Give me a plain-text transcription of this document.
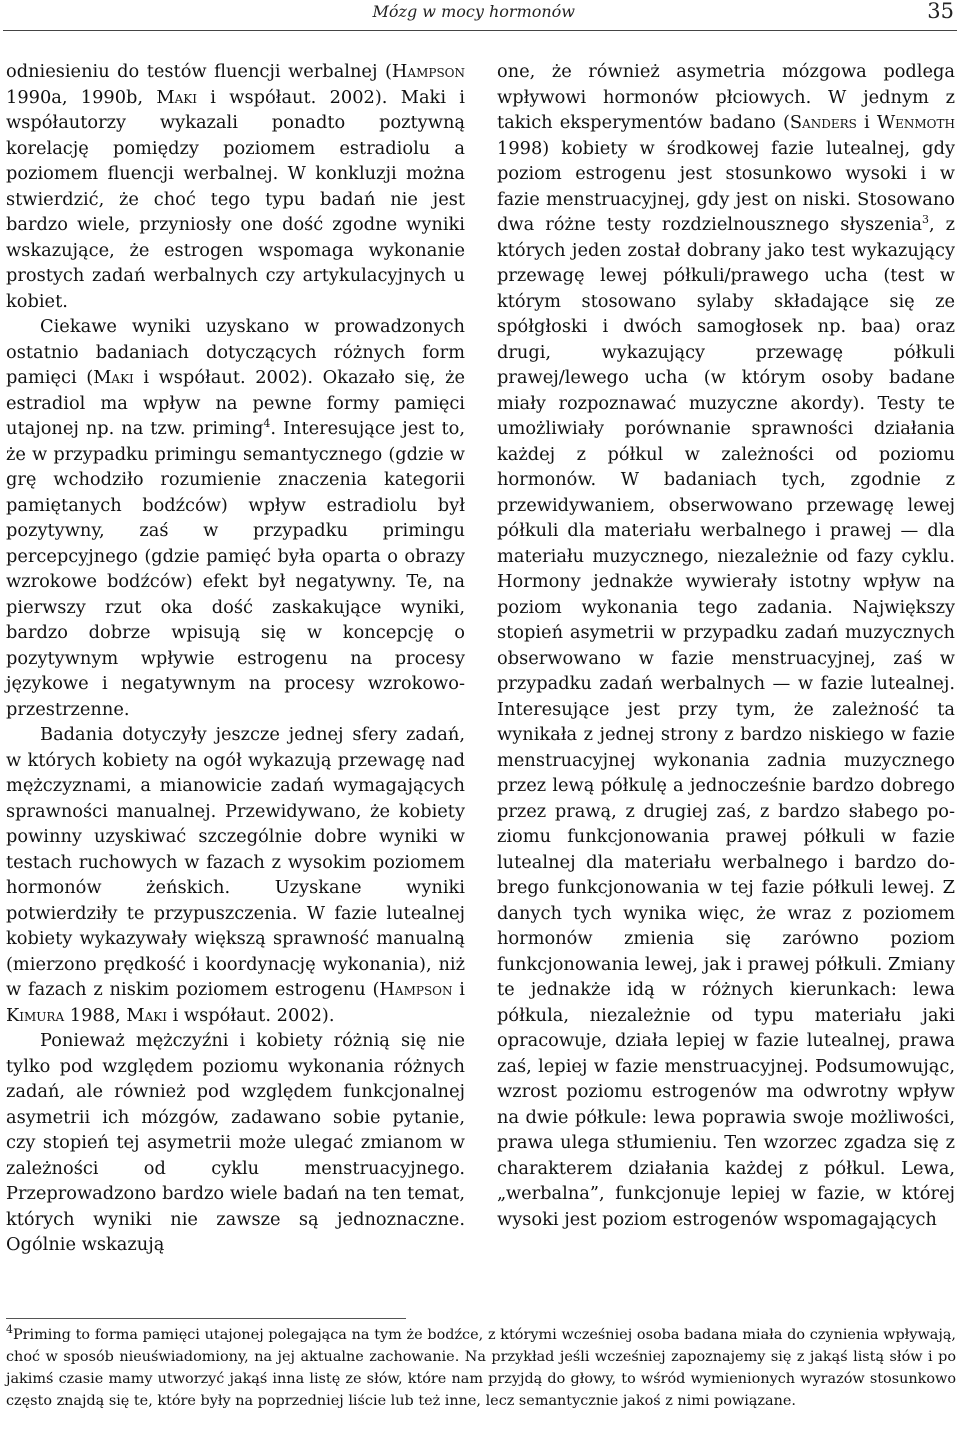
Mózg w mocy hormonów	35

odniesieniu do testów fluencji werbalnej (Hampson 1990a, 1990b, Maki i współaut. 2002). Maki i współautorzy wykazali ponadto poztywną korelację pomiędzy poziomem estradiolu a poziomem fluencji werbalnej. W konkluzji można stwierdzić, że choć tego typu badań nie jest bardzo wiele, przyniosły one dość zgodne wyniki wskazujące, że estrogen wspomaga wykonanie prostych zadań werbalnych czy artykulacyjnych u kobiet.

Ciekawe wyniki uzyskano w prowadzonych ostatnio badaniach dotyczących różnych form pamięci (Maki i współaut. 2002). Okazało się, że estradiol ma wpływ na pewne formy pamięci utajonej np. na tzw. priming$^4$. Interesujące jest to, że w przypadku primingu semantycznego (gdzie w grę wchodziło rozumienie znaczenia kategorii pamiętanych bodźców) wpływ estradiolu był pozytywny, zaś w przypadku primingu percepcyjnego (gdzie pamięć była oparta o obrazy wzrokowe bodźców) efekt był negatywny. Te, na pierwszy rzut oka dość zaskakujące wyniki, bardzo dobrze wpisują się w koncepcję o pozytywnym wpływie estrogenu na procesy językowe i negatywnym na procesy wzrokowo-przestrzenne.

Badania dotyczyły jeszcze jednej sfery zadań, w których kobiety na ogół wykazują przewagę nad mężczyznami, a mianowicie zadań wymagających sprawności manualnej. Przewidywano, że kobiety powinny uzyskiwać szczególnie dobre wyniki w testach ruchowych w fazach z wysokim poziomem hormonów żeńskich. Uzyskane wyniki potwierdziły te przypuszczenia. W fazie lutealnej kobiety wykazywały większą sprawność manualną (mierzono prędkość i koordynację wykonania), niż w fazach z niskim poziomem estrogenu (Hampson i Kimura 1988, Maki i współaut. 2002).

Ponieważ mężczyźni i kobiety różnią się nie tylko pod względem poziomu wykonania różnych zadań, ale również pod względem funkcjonalnej asymetrii ich mózgów, zadawano sobie pytanie, czy stopień tej asymetrii może ulegać zmianom w zależności od cyklu menstruacyjnego. Przeprowadzono bardzo wiele badań na ten temat, których wyniki nie zawsze są jednoznaczne. Ogólnie wskazują

one, że również asymetria mózgowa podlega wpływowi hormonów płciowych. W jednym z takich eksperymentów badano (Sanders i Wenmoth 1998) kobiety w środkowej fazie lutealnej, gdy poziom estrogenu jest stosunkowo wysoki i w fazie menstruacyjnej, gdy jest on niski. Stosowano dwa różne testy rozdzielnousznego słyszenia$^3$, z których jeden został dobrany jako test wykazujący przewagę lewej półkuli/prawego ucha (test w którym stosowano sylaby składające się ze spółgłoski i dwóch samogłosek np. baa) oraz drugi, wykazujący przewagę półkuli prawej/lewego ucha (w którym osoby badane miały rozpoznawać muzyczne akordy). Testy te umożliwiały porównanie sprawności działania każdej z półkul w zależności od poziomu hormonów. W badaniach tych, zgodnie z przewidywaniem, obserwowano przewagę lewej półkuli dla materiału werbalnego i prawej — dla materiału muzycznego, niezależnie od fazy cyklu. Hormony jednakże wywierały istotny wpływ na poziom wykonania tego zadania. Największy stopień asymetrii w przypadku zadań muzycznych obserwowano w fazie menstruacyjnej, zaś w przypadku zadań werbalnych — w fazie lutealnej. Interesujące jest przy tym, że zależność ta wynikała z jednej strony z bardzo niskiego w fazie menstruacyjnej wykonania zadnia muzycznego przez lewą półkulę a jednocześnie bardzo dobrego przez prawą, z drugiej zaś, z bardzo słabego poziomu funkcjonowania prawej półkuli w fazie lutealnej dla materiału werbalnego i bardzo dobrego funkcjonowania w tej fazie półkuli lewej. Z danych tych wynika więc, że wraz z poziomem hormonów zmienia się zarówno poziom funkcjonowania lewej, jak i prawej półkuli. Zmiany te jednakże idą w różnych kierunkach: lewa półkula, niezależnie od typu materiału jaki opracowuje, działa lepiej w fazie lutealnej, prawa zaś, lepiej w fazie menstruacyjnej. Podsumowując, wzrost poziomu estrogenów ma odwrotny wpływ na dwie półkule: lewa poprawia swoje możliwości, prawa ulega stłumieniu. Ten wzorzec zgadza się z charakterem działania każdej z półkul. Lewa, „werbalna”, funkcjonuje lepiej w fazie, w której wysoki jest poziom estrogenów wspomagających

$^4$Priming to forma pamięci utajonej polegająca na tym że bodźce, z którymi wcześniej osoba badana miała do czynienia wpływają, choć w sposób nieuświadomiony, na jej aktualne zachowanie. Na przykład jeśli wcześniej zapoznajemy się z jakąś listą słów i po jakimś czasie mamy utworzyć jakąś inna listę ze słów, które nam przyjdą do głowy, to wśród wymienionych wyrazów stosunkowo często znajdą się te, które były na poprzedniej liście lub też inne, lecz semantycznie jakoś z nimi powiązane.
